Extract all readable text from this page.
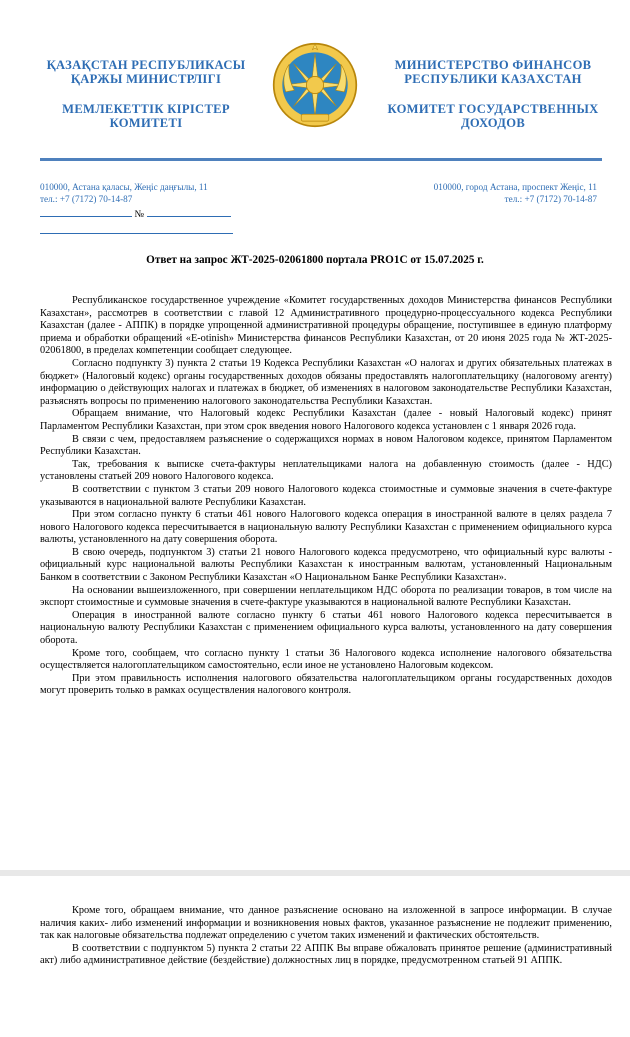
ҚАЗАҚСТАН РЕСПУБЛИКАСЫ
ҚАРЖЫ МИНИСТРЛІГІ
МЕМЛЕКЕТТІК КІРІСТЕР
КОМИТЕТІ
МИНИСТЕРСТВО ФИНАНСОВ
РЕСПУБЛИКИ КАЗАХСТАН
КОМИТЕТ ГОСУДАРСТВЕННЫХ
ДОХОДОВ
010000, Астана қаласы, Жеңіс даңғылы, 11
тел.: +7 (7172) 70-14-87
010000, город Астана, проспект Жеңіс, 11
тел.: +7 (7172) 70-14-87
№
Ответ на запрос ЖТ-2025-02061800 портала PRO1C от 15.07.2025 г.

Республиканское государственное учреждение «Комитет государственных доходов Министерства финансов Республики Казахстан», рассмотрев в соответствии с главой 12 Административного процедурно-процессуального кодекса Республики Казахстан (далее - АППК) в порядке упрощенной административной процедуры обращение, поступившее в единую платформу приема и обработки обращений «E-otinish» Министерства финансов Республики Казахстан, от 20 июня 2025 года № ЖТ-2025-02061800, в пределах компетенции сообщает следующее.

Согласно подпункту 3) пункта 2 статьи 19 Кодекса Республики Казахстан «О налогах и других обязательных платежах в бюджет» (Налоговый кодекс) органы государственных доходов обязаны предоставлять налогоплательщику (налоговому агенту) информацию о действующих налогах и платежах в бюджет, об изменениях в налоговом законодательстве Республики Казахстан, разъяснять вопросы по применению налогового законодательства Республики Казахстан.

Обращаем внимание, что Налоговый кодекс Республики Казахстан (далее - новый Налоговый кодекс) принят Парламентом Республики Казахстан, при этом срок введения нового Налогового кодекса установлен с 1 января 2026 года.

В связи с чем, предоставляем разъяснение о содержащихся нормах в новом Налоговом кодексе, принятом Парламентом Республики Казахстан.

Так, требования к выписке счета-фактуры неплательщиками налога на добавленную стоимость (далее - НДС) установлены статьей 209 нового Налогового кодекса.

В соответствии с пунктом 3 статьи 209 нового Налогового кодекса стоимостные и суммовые значения в счете-фактуре указываются в национальной валюте Республики Казахстан.

При этом согласно пункту 6 статьи 461 нового Налогового кодекса операция в иностранной валюте в целях раздела 7 нового Налогового кодекса пересчитывается в национальную валюту Республики Казахстан с применением официального курса валюты, установленного на дату совершения оборота.

В свою очередь, подпунктом 3) статьи 21 нового Налогового кодекса предусмотрено, что официальный курс валюты - официальный курс национальной валюты Республики Казахстан к иностранным валютам, установленный Национальным Банком в соответствии с Законом Республики Казахстан «О Национальном Банке Республики Казахстан».

На основании вышеизложенного, при совершении неплательщиком НДС оборота по реализации товаров, в том числе на экспорт стоимостные и суммовые значения в счете-фактуре указываются в национальной валюте Республики Казахстан.

Операция в иностранной валюте согласно пункту 6 статьи 461 нового Налогового кодекса пересчитывается в национальную валюту Республики Казахстан с применением официального курса валюты, установленного на дату совершения оборота.

Кроме того, сообщаем, что согласно пункту 1 статьи 36 Налогового кодекса исполнение налогового обязательства осуществляется налогоплательщиком самостоятельно, если иное не установлено Налоговым кодексом.

При этом правильность исполнения налогового обязательства налогоплательщиком органы государственных доходов могут проверить только в рамках осуществления налогового контроля.

Кроме того, обращаем внимание, что данное разъяснение основано на изложенной в запросе информации. В случае наличия каких- либо изменений информации и возникновения новых фактов, указанное разъяснение не подлежит применению, так как налоговые обязательства подлежат определению с учетом таких изменений и фактических обстоятельств.

В соответствии с подпунктом 5) пункта 2 статьи 22 АППК Вы вправе обжаловать принятое решение (административный акт) либо административное действие (бездействие) должностных лиц в порядке, предусмотренном статьей 91 АППК.
